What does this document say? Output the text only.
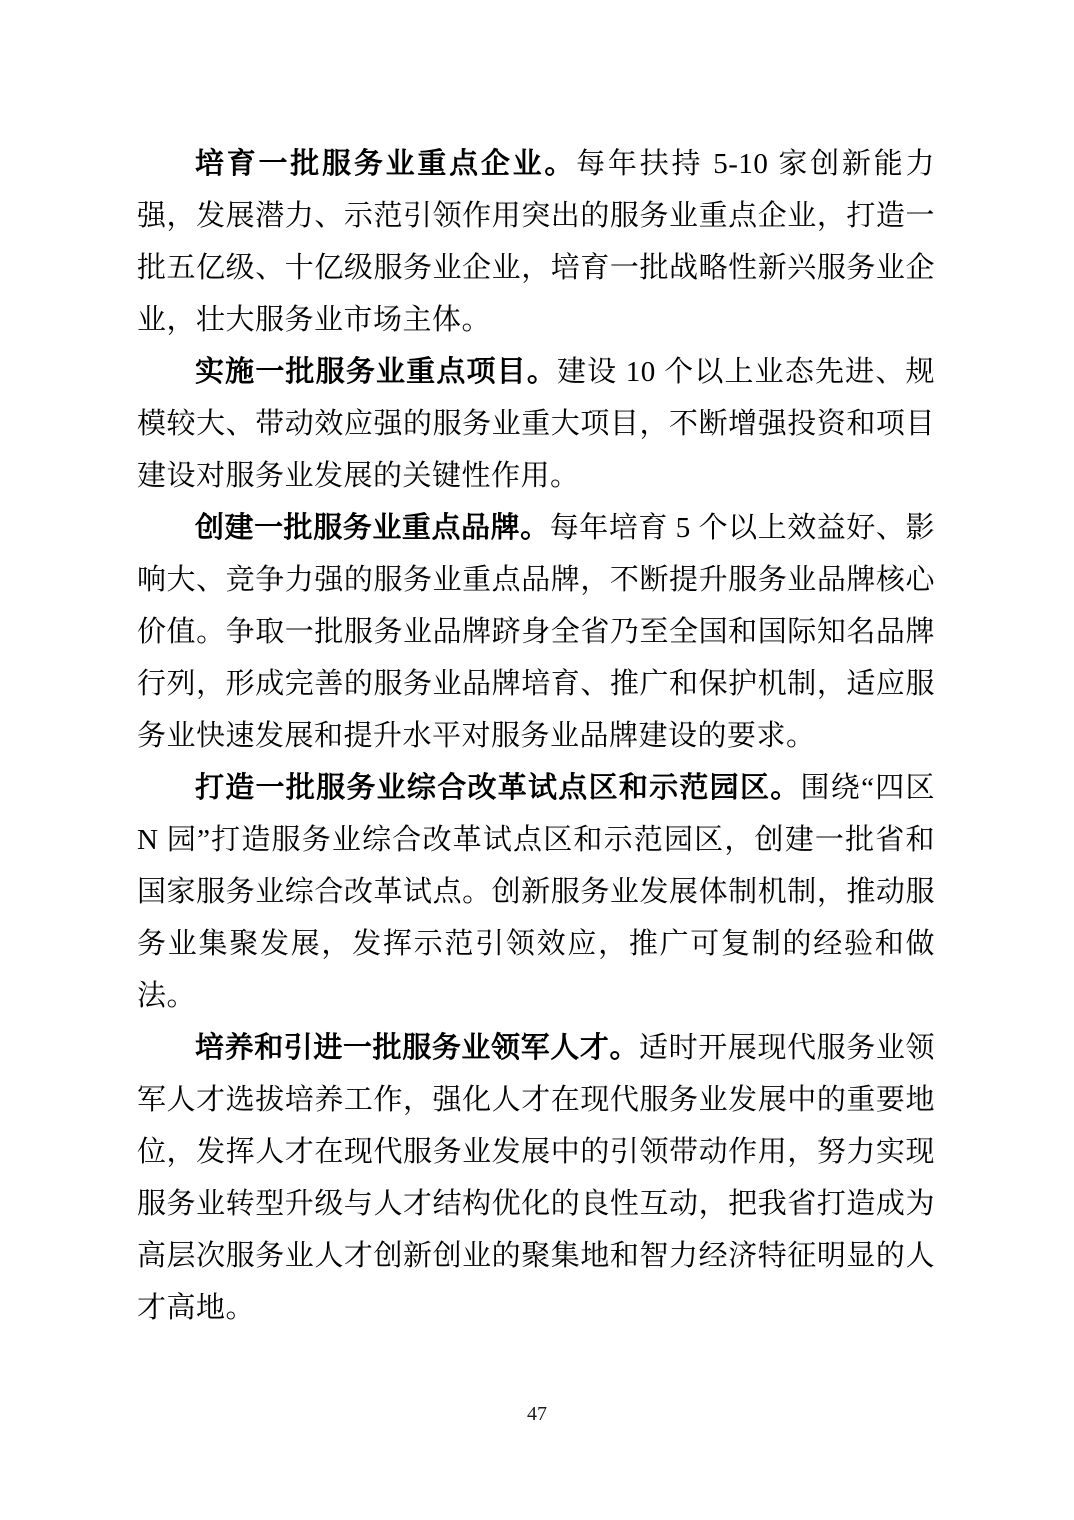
培育一批服务业重点企业。每年扶持 5-10 家创新能力强，发展潜力、示范引领作用突出的服务业重点企业，打造一批五亿级、十亿级服务业企业，培育一批战略性新兴服务业企业，壮大服务业市场主体。

实施一批服务业重点项目。建设 10 个以上业态先进、规模较大、带动效应强的服务业重大项目，不断增强投资和项目建设对服务业发展的关键性作用。

创建一批服务业重点品牌。每年培育 5 个以上效益好、影响大、竞争力强的服务业重点品牌，不断提升服务业品牌核心价值。争取一批服务业品牌跻身全省乃至全国和国际知名品牌行列，形成完善的服务业品牌培育、推广和保护机制，适应服务业快速发展和提升水平对服务业品牌建设的要求。

打造一批服务业综合改革试点区和示范园区。围绕“四区 N 园”打造服务业综合改革试点区和示范园区，创建一批省和国家服务业综合改革试点。创新服务业发展体制机制，推动服务业集聚发展，发挥示范引领效应，推广可复制的经验和做法。

培养和引进一批服务业领军人才。适时开展现代服务业领军人才选拔培养工作，强化人才在现代服务业发展中的重要地位，发挥人才在现代服务业发展中的引领带动作用，努力实现服务业转型升级与人才结构优化的良性互动，把我省打造成为高层次服务业人才创新创业的聚集地和智力经济特征明显的人才高地。

47
